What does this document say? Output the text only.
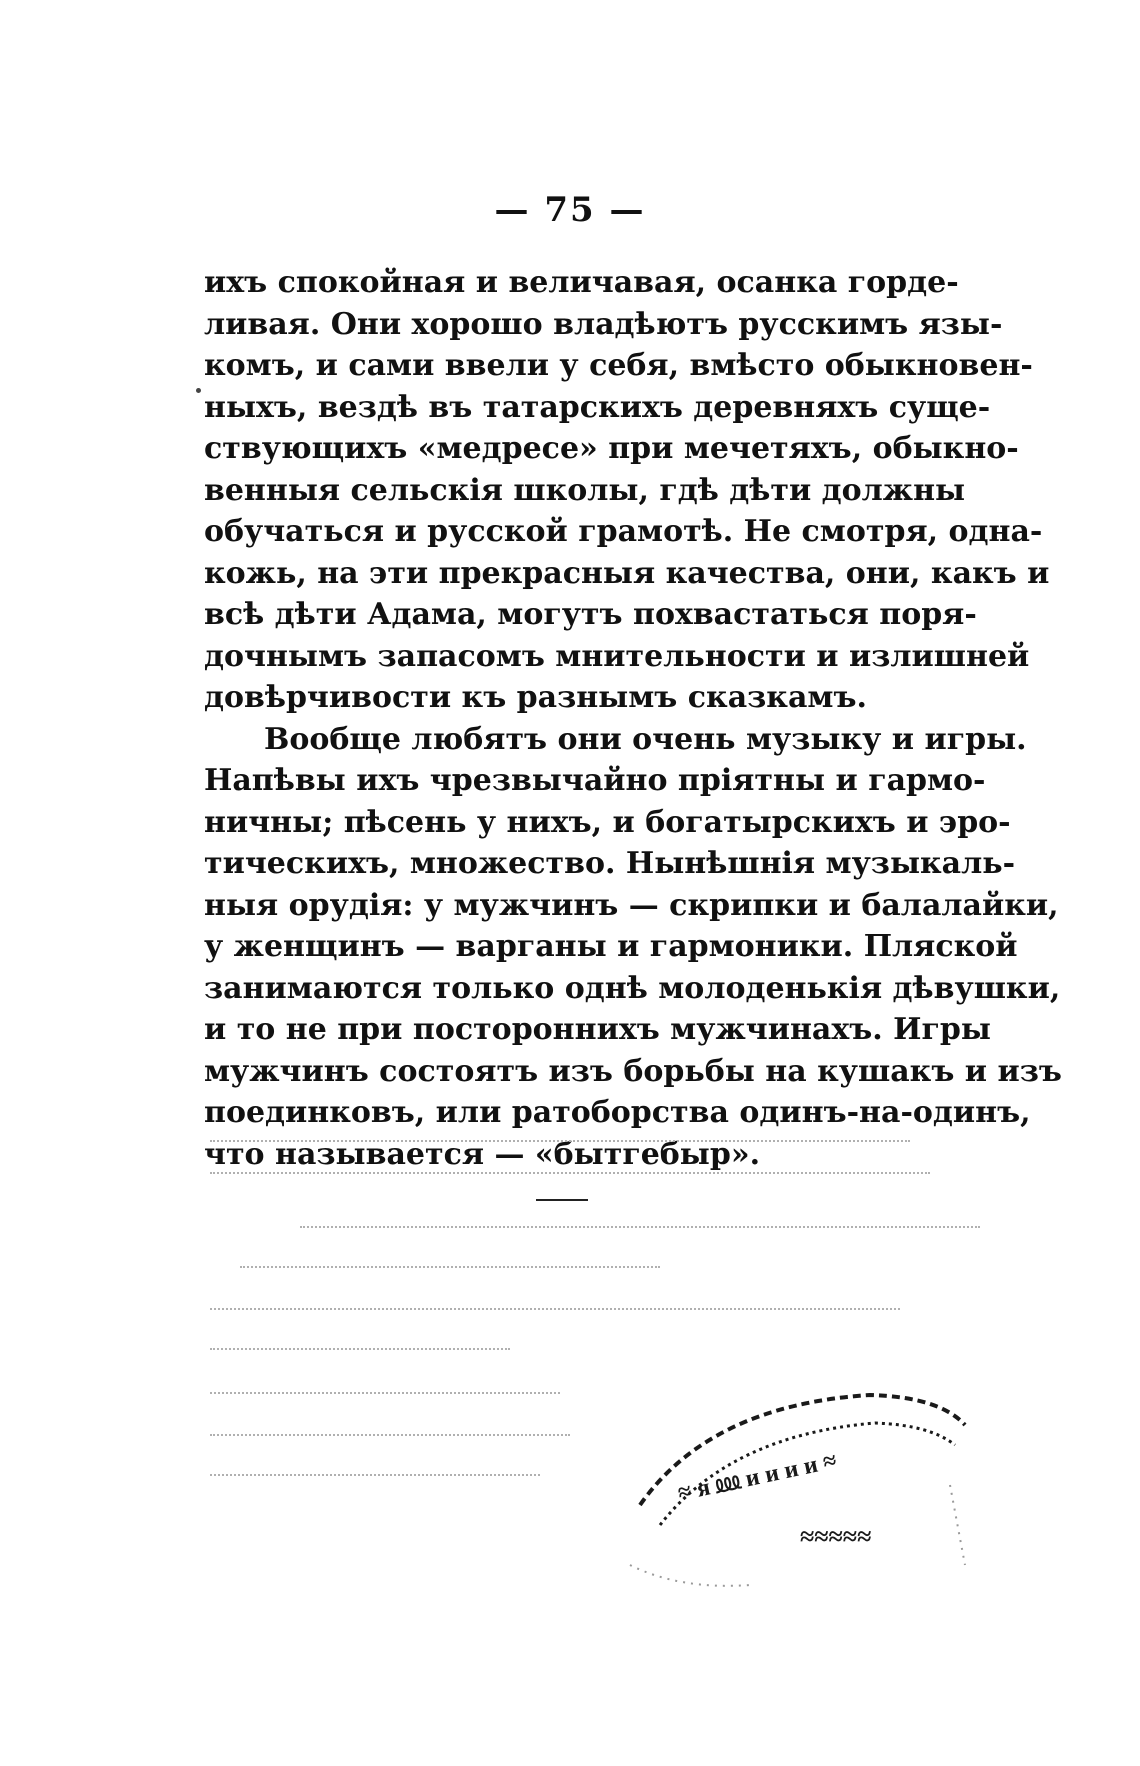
— 75 —
ихъ спокойная и величавая, осанка горде-
ливая. Они хорошо владѣютъ русскимъ язы-
комъ, и сами ввели у себя, вмѣсто обыкновен-
ныхъ, вездѣ въ татарскихъ деревняхъ суще-
ствующихъ «медресе» при мечетяхъ, обыкно-
венныя сельскія школы, гдѣ дѣти должны
обучаться и русской грамотѣ. Не смотря, одна-
кожь, на эти прекрасныя качества, они, какъ и
всѣ дѣти Адама, могутъ похвастаться поря-
дочнымъ запасомъ мнительности и излишней
довѣрчивости къ разнымъ сказкамъ.
Вообще любятъ они очень музыку и игры.
Напѣвы ихъ чрезвычайно пріятны и гармо-
ничны; пѣсень у нихъ, и богатырскихъ и эро-
тическихъ, множество. Нынѣшнія музыкаль-
ныя орудія: у мужчинъ — скрипки и балалайки,
у женщинъ — варганы и гармоники. Пляской
занимаются только однѣ молоденькія дѣвушки,
и то не при постороннихъ мужчинахъ. Игры
мужчинъ состоятъ изъ борьбы на кушакъ и изъ
поединковъ, или ратоборства одинъ-на-одинъ,
что называется — «бытгебыр».
≈ ᴙ ⅏ ᴎ ᴎ ᴎ ᴎ ≈
≈≈≈≈≈
